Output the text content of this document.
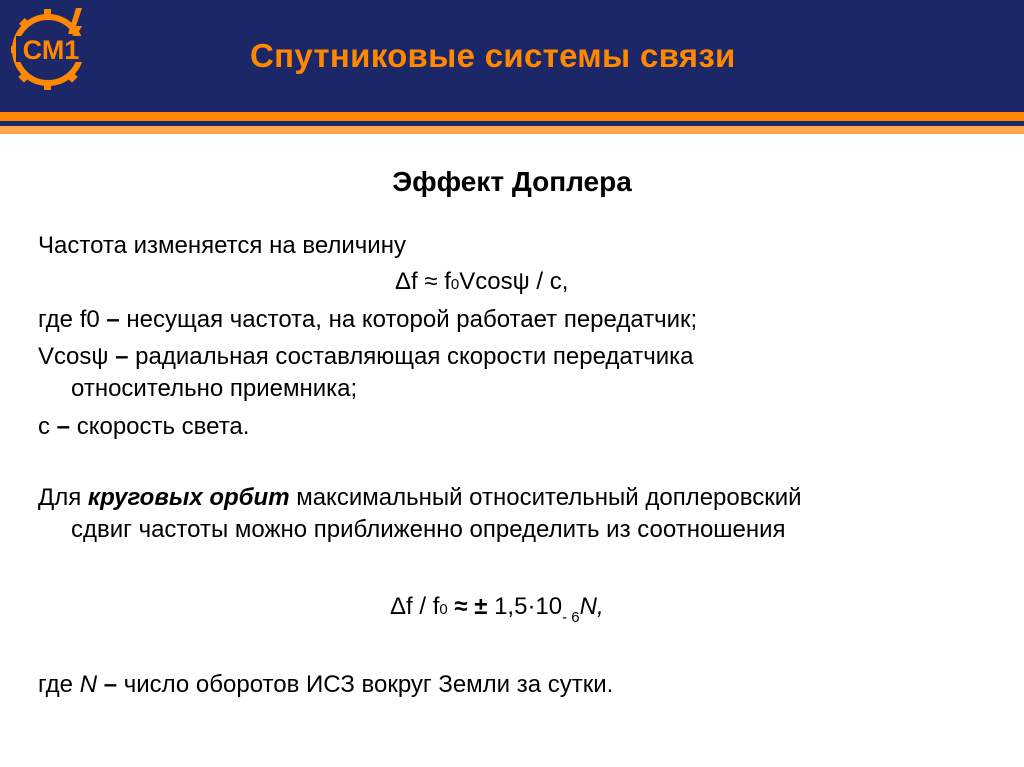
СМ1	Спутниковые системы связи
Эффект Доплера
Частота изменяется на величину
Δf ≈ f0Vcosψ / c,
где f0 – несущая частота, на которой работает передатчик;
Vcosψ – радиальная составляющая скорости передатчика
относительно приемника;
c – скорость света.
Для круговых орбит максимальный относительный доплеровский
сдвиг частоты можно приближенно определить из соотношения
Δf / f0 ≈ ± $1,5\cdot 10_{- 6}N$,
где N – число оборотов ИСЗ вокруг Земли за сутки.
